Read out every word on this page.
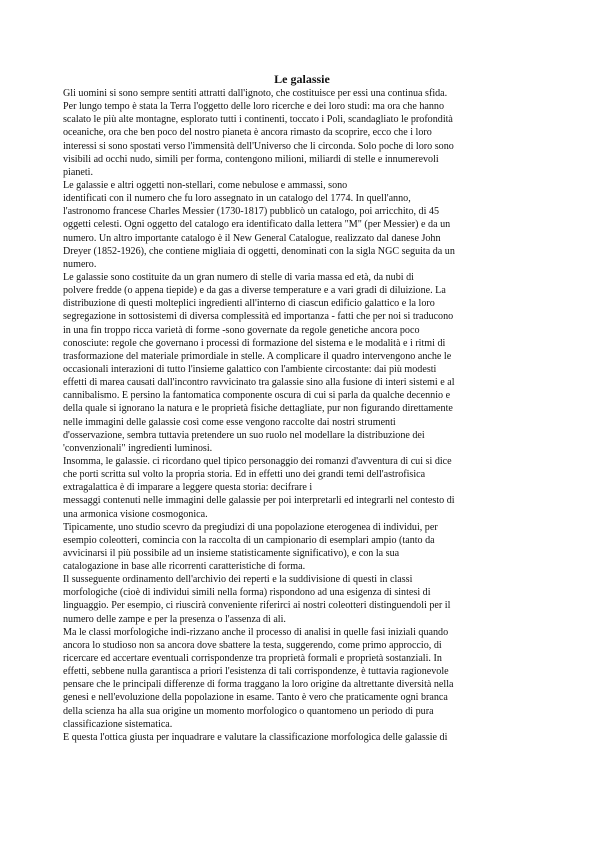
Le galassie
Gli uomini si sono sempre sentiti attratti dall'ignoto, che costituisce per essi una continua sfida.
Per lungo tempo è stata la Terra l'oggetto delle loro ricerche e dei loro studi: ma ora che hanno
scalato le più alte montagne, esplorato tutti i continenti, toccato i Poli, scandagliato le profondità
oceaniche, ora che ben poco del nostro pianeta è ancora rimasto da scoprire, ecco che i loro
interessi si sono spostati verso l'immensità dell'Universo che li circonda. Solo poche di loro sono
visibili ad occhi nudo, simili per forma, contengono milioni, miliardi di stelle e innumerevoli
pianeti.
Le galassie e altri oggetti non-stellari, come nebulose e ammassi, sono
identificati con il numero che fu loro assegnato in un catalogo del 1774. In quell'anno,
l'astronomo francese Charles Messier (1730-1817) pubblicò un catalogo, poi arricchito, di 45
oggetti celesti. Ogni oggetto del catalogo era identificato dalla lettera "M" (per Messier) e da un
numero. Un altro importante catalogo è il New General Catalogue, realizzato dal danese John
Dreyer (1852-1926), che contiene migliaia di oggetti, denominati con la sigla NGC seguita da un
numero.
Le galassie sono costituite da un gran numero di stelle di varia massa ed età, da nubi di
polvere fredde (o appena tiepide) e da gas a diverse temperature e a vari gradi di diluizione. La
distribuzione di questi molteplici ingredienti all'interno di ciascun edificio galattico e la loro
segregazione in sottosistemi di diversa complessità ed importanza - fatti che per noi si traducono
in una fin troppo ricca varietà di forme -sono governate da regole genetiche ancora poco
conosciute: regole che governano i processi di formazione del sistema e le modalità e i ritmi di
trasformazione del materiale primordiale in stelle. A complicare il quadro intervengono anche le
occasionali interazioni di tutto l'insieme galattico con l'ambiente circostante: dai più modesti
effetti di marea causati dall'incontro ravvicinato tra galassie sino alla fusione di interi sistemi e al
cannibalismo. E persino la fantomatica componente oscura di cui si parla da qualche decennio e
della quale si ignorano la natura e le proprietà fisiche dettagliate, pur non figurando direttamente
nelle immagini delle galassie così come esse vengono raccolte dai nostri strumenti
d'osservazione, sembra tuttavia pretendere un suo ruolo nel modellare la distribuzione dei
'convenzionali" ingredienti luminosi.
Insomma, le galassie. ci ricordano quel tipico personaggio dei romanzi d'avventura di cui si dice
che porti scritta sul volto la propria storia. Ed in effetti uno dei grandi temi dell'astrofisica
extragalattica è di imparare a leggere questa storia: decifrare i
messaggi contenuti nelle immagini delle galassie per poi interpretarli ed integrarli nel contesto di
una armonica visione cosmogonica.
Tipicamente, uno studio scevro da pregiudizi di una popolazione eterogenea di individui, per
esempio coleotteri, comincia con la raccolta di un campionario di esemplari ampio (tanto da
avvicinarsi il più possibile ad un insieme statisticamente significativo), e con la sua
catalogazione in base alle ricorrenti caratteristiche di forma.
Il susseguente ordinamento dell'archivio dei reperti e la suddivisione di questi in classi
morfologiche (cioè di individui simili nella forma) rispondono ad una esigenza di sintesi di
linguaggio. Per esempio, ci riuscirà conveniente riferirci ai nostri coleotteri distinguendoli per il
numero delle zampe e per la presenza o l'assenza di ali.
Ma le classi morfologiche indi-rizzano anche il processo di analisi in quelle fasi iniziali quando
ancora lo studioso non sa ancora dove sbattere la testa, suggerendo, come primo approccio, di
ricercare ed accertare eventuali corrispondenze tra proprietà formali e proprietà sostanziali. In
effetti, sebbene nulla garantisca a priori l'esistenza di tali corrispondenze, è tuttavia ragionevole
pensare che le principali differenze di forma traggano la loro origine da altrettante diversità nella
genesi e nell'evoluzione della popolazione in esame. Tanto è vero che praticamente ogni branca
della scienza ha alla sua origine un momento morfologico o quantomeno un periodo di pura
classificazione sistematica.
E questa l'ottica giusta per inquadrare e valutare la classificazione morfologica delle galassie di
